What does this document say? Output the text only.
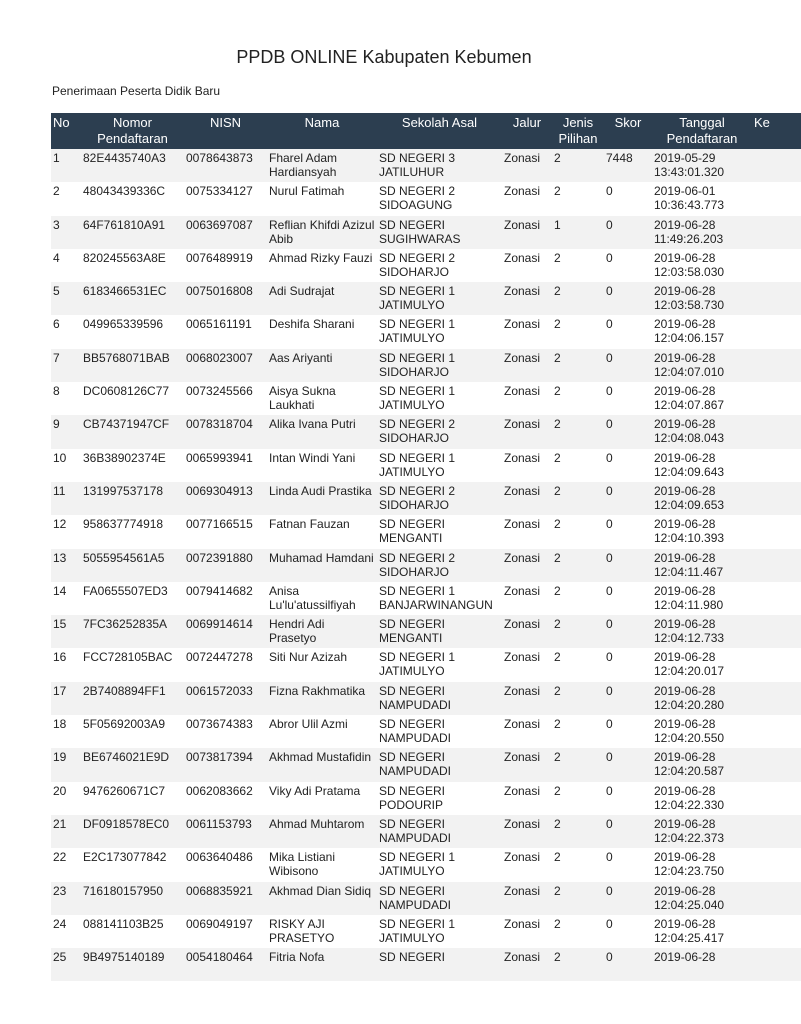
PPDB ONLINE Kabupaten Kebumen
Penerimaan Peserta Didik Baru
No	Nomor Pendaftaran	NISN	Nama	Sekolah Asal	Jalur	Jenis Pilihan	Skor	Tanggal Pendaftaran	Ke
1	82E4435740A3	0078643873	Fharel Adam Hardiansyah	SD NEGERI 3 JATILUHUR	Zonasi	2	7448	2019-05-29 13:43:01.320	
2	48043439336C	0075334127	Nurul Fatimah	SD NEGERI 2 SIDOAGUNG	Zonasi	2	0	2019-06-01 10:36:43.773	
3	64F761810A91	0063697087	Reflian Khifdi Azizul Abib	SD NEGERI SUGIHWARAS	Zonasi	1	0	2019-06-28 11:49:26.203	
4	820245563A8E	0076489919	Ahmad Rizky Fauzi	SD NEGERI 2 SIDOHARJO	Zonasi	2	0	2019-06-28 12:03:58.030	
5	6183466531EC	0075016808	Adi Sudrajat	SD NEGERI 1 JATIMULYO	Zonasi	2	0	2019-06-28 12:03:58.730	
6	049965339596	0065161191	Deshifa Sharani	SD NEGERI 1 JATIMULYO	Zonasi	2	0	2019-06-28 12:04:06.157	
7	BB5768071BAB	0068023007	Aas Ariyanti	SD NEGERI 1 SIDOHARJO	Zonasi	2	0	2019-06-28 12:04:07.010	
8	DC0608126C77	0073245566	Aisya Sukna Laukhati	SD NEGERI 1 JATIMULYO	Zonasi	2	0	2019-06-28 12:04:07.867	
9	CB74371947CF	0078318704	Alika Ivana Putri	SD NEGERI 2 SIDOHARJO	Zonasi	2	0	2019-06-28 12:04:08.043	
10	36B38902374E	0065993941	Intan Windi Yani	SD NEGERI 1 JATIMULYO	Zonasi	2	0	2019-06-28 12:04:09.643	
11	131997537178	0069304913	Linda Audi Prastika	SD NEGERI 2 SIDOHARJO	Zonasi	2	0	2019-06-28 12:04:09.653	
12	958637774918	0077166515	Fatnan Fauzan	SD NEGERI MENGANTI	Zonasi	2	0	2019-06-28 12:04:10.393	
13	5055954561A5	0072391880	Muhamad Hamdani	SD NEGERI 2 SIDOHARJO	Zonasi	2	0	2019-06-28 12:04:11.467	
14	FA0655507ED3	0079414682	Anisa Lu'lu'atussilfiyah	SD NEGERI 1 BANJARWINANGUN	Zonasi	2	0	2019-06-28 12:04:11.980	
15	7FC36252835A	0069914614	Hendri Adi Prasetyo	SD NEGERI MENGANTI	Zonasi	2	0	2019-06-28 12:04:12.733	
16	FCC728105BAC	0072447278	Siti Nur Azizah	SD NEGERI 1 JATIMULYO	Zonasi	2	0	2019-06-28 12:04:20.017	
17	2B7408894FF1	0061572033	Fizna Rakhmatika	SD NEGERI NAMPUDADI	Zonasi	2	0	2019-06-28 12:04:20.280	
18	5F05692003A9	0073674383	Abror Ulil Azmi	SD NEGERI NAMPUDADI	Zonasi	2	0	2019-06-28 12:04:20.550	
19	BE6746021E9D	0073817394	Akhmad Mustafidin	SD NEGERI NAMPUDADI	Zonasi	2	0	2019-06-28 12:04:20.587	
20	9476260671C7	0062083662	Viky Adi Pratama	SD NEGERI PODOURIP	Zonasi	2	0	2019-06-28 12:04:22.330	
21	DF0918578EC0	0061153793	Ahmad Muhtarom	SD NEGERI NAMPUDADI	Zonasi	2	0	2019-06-28 12:04:22.373	
22	E2C173077842	0063640486	Mika Listiani Wibisono	SD NEGERI 1 JATIMULYO	Zonasi	2	0	2019-06-28 12:04:23.750	
23	716180157950	0068835921	Akhmad Dian Sidiq	SD NEGERI NAMPUDADI	Zonasi	2	0	2019-06-28 12:04:25.040	
24	088141103B25	0069049197	RISKY AJI PRASETYO	SD NEGERI 1 JATIMULYO	Zonasi	2	0	2019-06-28 12:04:25.417	
25	9B4975140189	0054180464	Fitria Nofa	SD NEGERI	Zonasi	2	0	2019-06-28	
